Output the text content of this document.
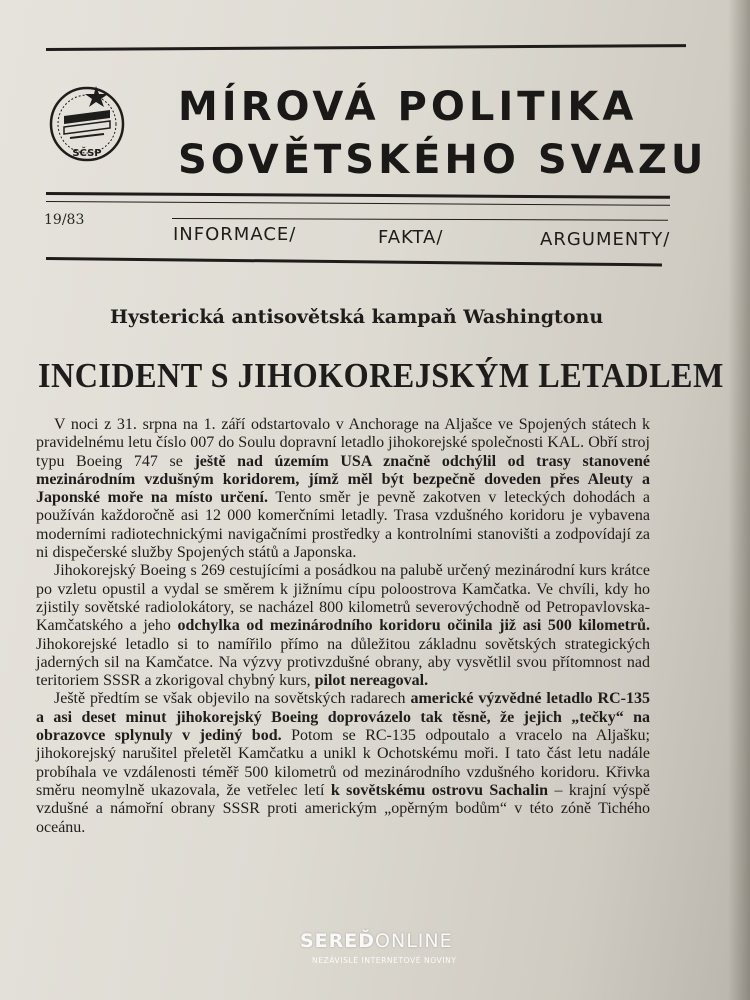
SČSP
MÍROVÁ POLITIKA
SOVĚTSKÉHO SVAZU
19/83
INFORMACE/	FAKTA/	ARGUMENTY/
Hysterická antisovětská kampaň Washingtonu
INCIDENT S JIHOKOREJSKÝM LETADLEM

V noci z 31. srpna na 1. září odstartovalo v Anchorage na Aljašce ve Spojených státech k pravidelnému letu číslo 007 do Soulu dopravní letadlo jihokorejské společnosti KAL. Obří stroj typu Boeing 747 se ještě nad územím USA značně odchýlil od trasy stanovené mezinárodním vzdušným koridorem, jímž měl být bezpečně doveden přes Aleuty a Japonské moře na místo určení. Tento směr je pevně zakotven v leteckých dohodách a používán každoročně asi 12 000 komerčními letadly. Trasa vzdušného koridoru je vybavena moderními radiotechnickými navigačními prostředky a kontrolními stanovišti a zodpovídají za ni dispečerské služby Spojených států a Japonska.

Jihokorejský Boeing s 269 cestujícími a posádkou na palubě určený mezinárodní kurs krátce po vzletu opustil a vydal se směrem k jižnímu cípu poloostrova Kamčatka. Ve chvíli, kdy ho zjistily sovětské radiolokátory, se nacházel 800 kilometrů severovýchodně od Petropavlovska-Kamčatského a jeho odchylka od mezinárodního koridoru očinila již asi 500 kilometrů. Jihokorejské letadlo si to namířilo přímo na důležitou základnu sovětských strategických jaderných sil na Kamčatce. Na výzvy protivzdušné obrany, aby vysvětlil svou přítomnost nad teritoriem SSSR a zkorigoval chybný kurs, pilot nereagoval.

Ještě předtím se však objevilo na sovětských radarech americké výzvědné letadlo RC-135 a asi deset minut jihokorejský Boeing doprovázelo tak těsně, že jejich „tečky“ na obrazovce splynuly v jediný bod. Potom se RC-135 odpoutalo a vracelo na Aljašku; jihokorejský narušitel přeletěl Kamčatku a unikl k Ochotskému moři. I tato část letu nadále probíhala ve vzdálenosti téměř 500 kilometrů od mezinárodního vzdušného koridoru. Křivka směru neomylně ukazovala, že vetřelec letí k sovětskému ostrovu Sachalin – krajní výspě vzdušné a námořní obrany SSSR proti americkým „opěrným bodům“ v této zóně Tichého oceánu.

SEREĎONLINE
NEZÁVISLÉ INTERNETOVÉ NOVINY
